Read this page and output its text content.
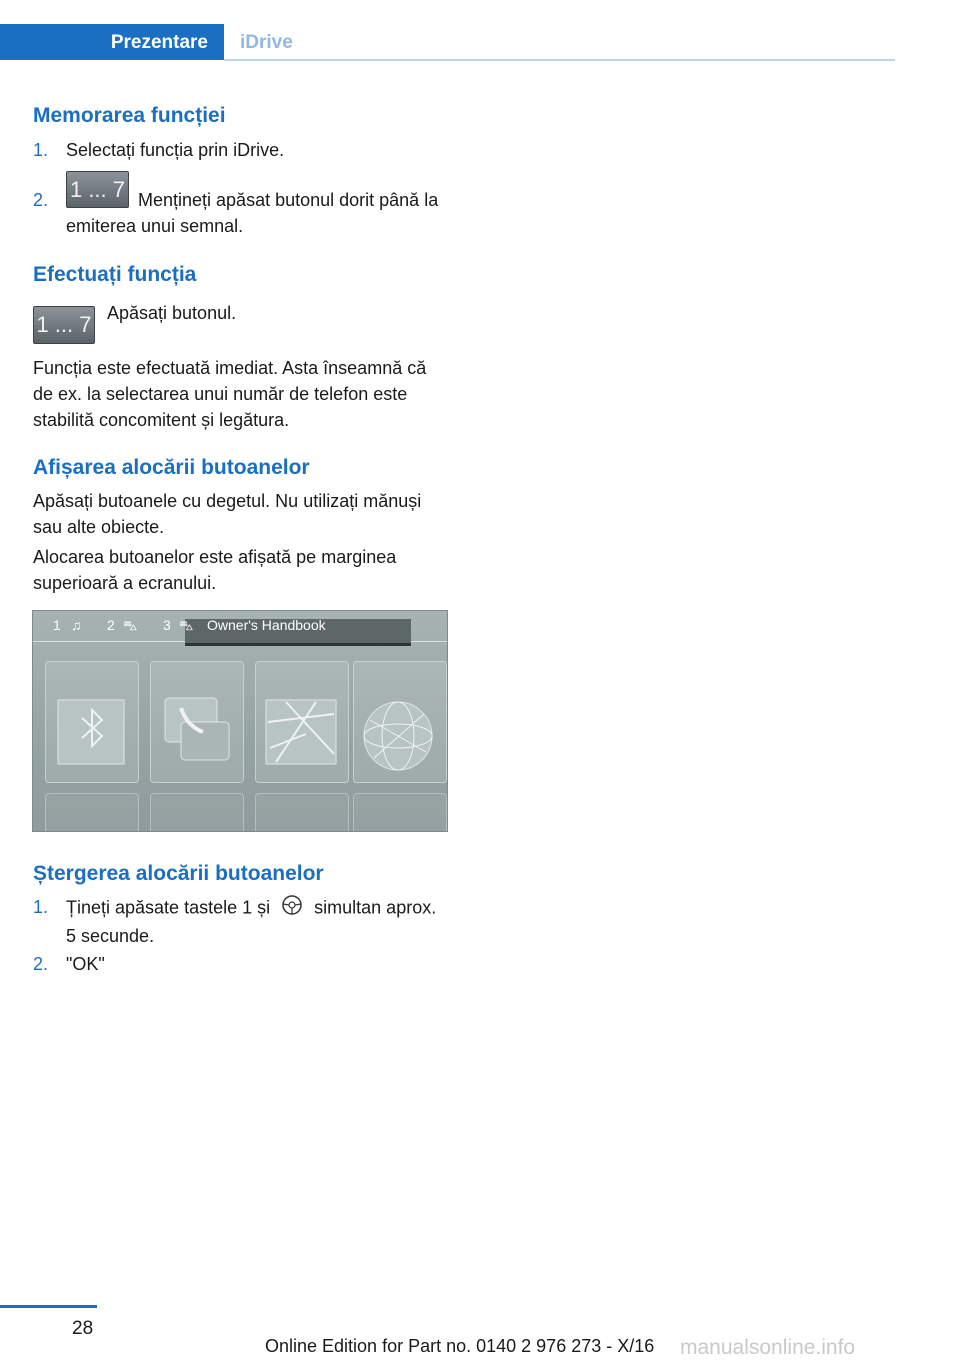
Prezentare iDrive
Memorarea funcției
1. Selectați funcția prin iDrive.
2. 1 ... 7 Mențineți apăsat butonul dorit până la emiterea unui semnal.
Efectuați funcția
1 ... 7 Apăsați butonul.
Funcția este efectuată imediat. Asta înseamnă că de ex. la selectarea unui număr de telefon este stabilită concomitent și legătura.
Afișarea alocării butoanelor
Apăsați butoanele cu degetul. Nu utilizați mănuși sau alte obiecte.
Alocarea butoanelor este afișată pe marginea superioară a ecranului.
1 ♫ 2 ⛍ 3 ⛍ Owner's Handbook
Ștergerea alocării butoanelor
1. Țineți apăsate tastele 1 și simultan aprox. 5 secunde.
2. "OK"
28
Online Edition for Part no. 0140 2 976 273 - X/16 manualsonline.info
